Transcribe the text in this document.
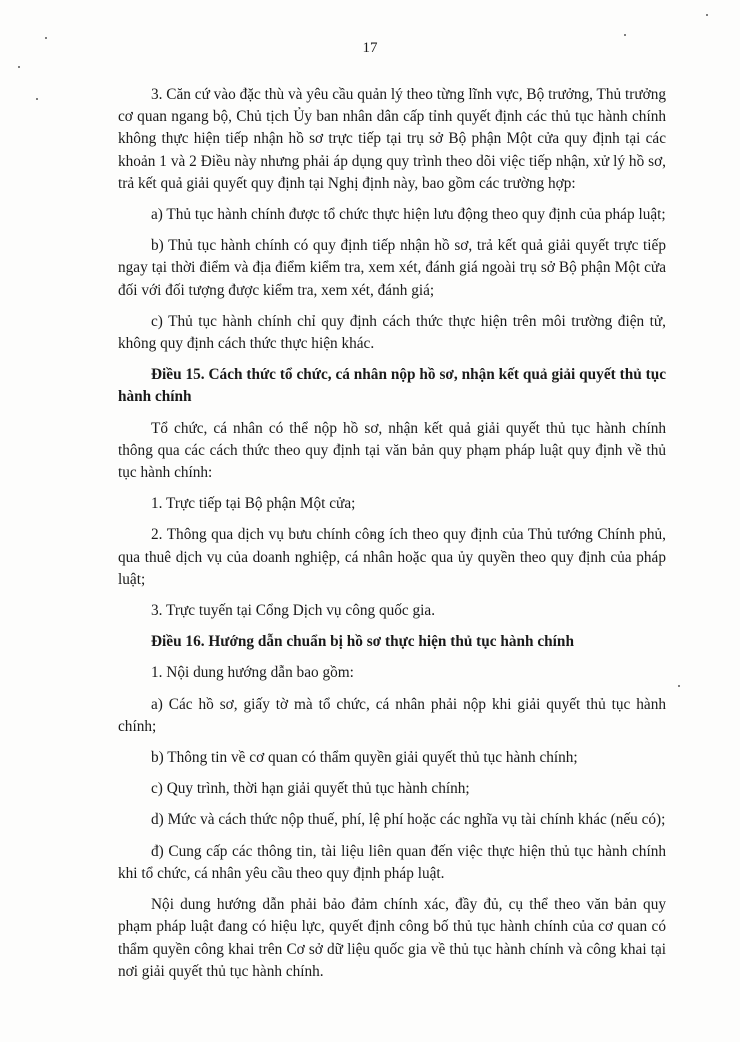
17

3. Căn cứ vào đặc thù và yêu cầu quản lý theo từng lĩnh vực, Bộ trưởng, Thủ trưởng cơ quan ngang bộ, Chủ tịch Ủy ban nhân dân cấp tỉnh quyết định các thủ tục hành chính không thực hiện tiếp nhận hồ sơ trực tiếp tại trụ sở Bộ phận Một cửa quy định tại các khoản 1 và 2 Điều này nhưng phải áp dụng quy trình theo dõi việc tiếp nhận, xử lý hồ sơ, trả kết quả giải quyết quy định tại Nghị định này, bao gồm các trường hợp:

a) Thủ tục hành chính được tổ chức thực hiện lưu động theo quy định của pháp luật;

b) Thủ tục hành chính có quy định tiếp nhận hồ sơ, trả kết quả giải quyết trực tiếp ngay tại thời điểm và địa điểm kiểm tra, xem xét, đánh giá ngoài trụ sở Bộ phận Một cửa đối với đối tượng được kiểm tra, xem xét, đánh giá;

c) Thủ tục hành chính chỉ quy định cách thức thực hiện trên môi trường điện tử, không quy định cách thức thực hiện khác.

Điều 15. Cách thức tổ chức, cá nhân nộp hồ sơ, nhận kết quả giải quyết thủ tục hành chính

Tổ chức, cá nhân có thể nộp hồ sơ, nhận kết quả giải quyết thủ tục hành chính thông qua các cách thức theo quy định tại văn bản quy phạm pháp luật quy định về thủ tục hành chính:

1. Trực tiếp tại Bộ phận Một cửa;

2. Thông qua dịch vụ bưu chính công ích theo quy định của Thủ tướng Chính phủ, qua thuê dịch vụ của doanh nghiệp, cá nhân hoặc qua ủy quyền theo quy định của pháp luật;

3. Trực tuyến tại Cổng Dịch vụ công quốc gia.

Điều 16. Hướng dẫn chuẩn bị hồ sơ thực hiện thủ tục hành chính

1. Nội dung hướng dẫn bao gồm:

a) Các hồ sơ, giấy tờ mà tổ chức, cá nhân phải nộp khi giải quyết thủ tục hành chính;

b) Thông tin về cơ quan có thẩm quyền giải quyết thủ tục hành chính;

c) Quy trình, thời hạn giải quyết thủ tục hành chính;

d) Mức và cách thức nộp thuế, phí, lệ phí hoặc các nghĩa vụ tài chính khác (nếu có);

đ) Cung cấp các thông tin, tài liệu liên quan đến việc thực hiện thủ tục hành chính khi tổ chức, cá nhân yêu cầu theo quy định pháp luật.

Nội dung hướng dẫn phải bảo đảm chính xác, đầy đủ, cụ thể theo văn bản quy phạm pháp luật đang có hiệu lực, quyết định công bố thủ tục hành chính của cơ quan có thẩm quyền công khai trên Cơ sở dữ liệu quốc gia về thủ tục hành chính và công khai tại nơi giải quyết thủ tục hành chính.
